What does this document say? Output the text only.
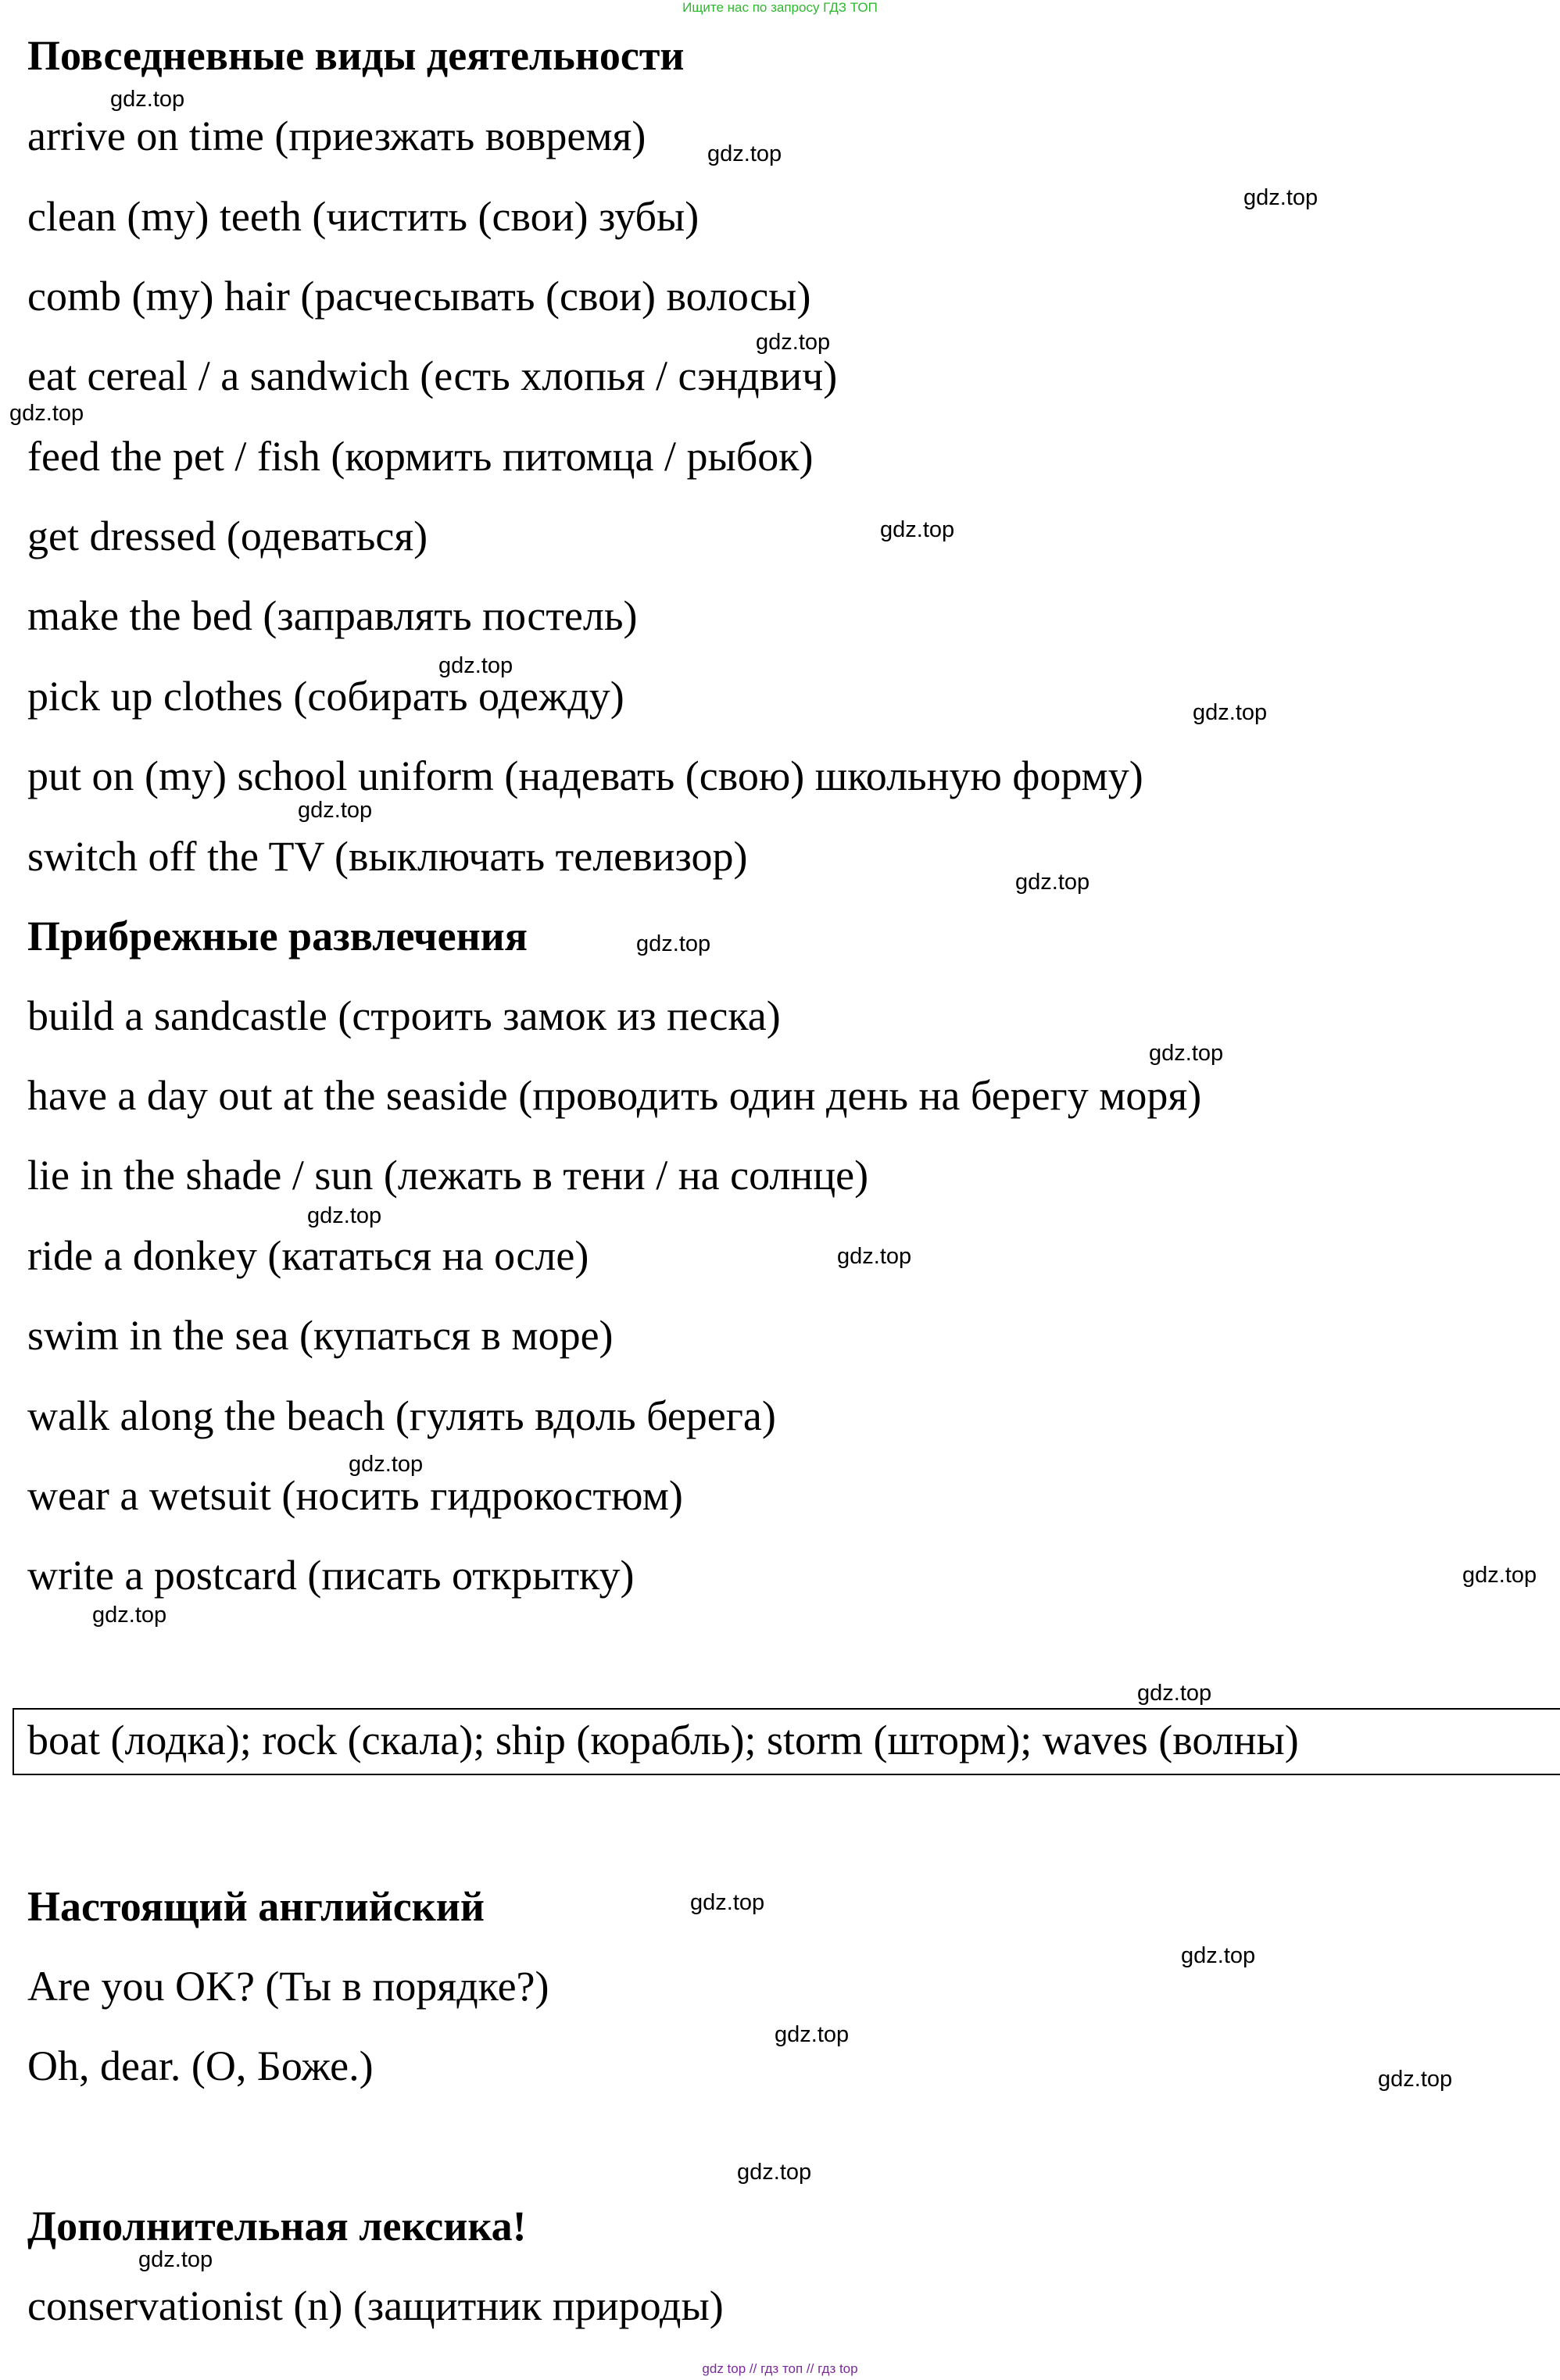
Ищите нас по запросу ГДЗ ТОП
Повседневные виды деятельности
arrive on time (приезжать вовремя)
clean (my) teeth (чистить (свои) зубы)
comb (my) hair (расчесывать (свои) волосы)
eat cereal / a sandwich (есть хлопья / сэндвич)
feed the pet / fish (кормить питомца / рыбок)
get dressed (одеваться)
make the bed (заправлять постель)
pick up clothes (собирать одежду)
put on (my) school uniform (надевать (свою) школьную форму)
switch off the TV (выключать телевизор)
Прибрежные развлечения
build a sandcastle (строить замок из песка)
have a day out at the seaside (проводить один день на берегу моря)
lie in the shade / sun (лежать в тени / на солнце)
ride a donkey (кататься на осле)
swim in the sea (купаться в море)
walk along the beach (гулять вдоль берега)
wear a wetsuit (носить гидрокостюм)
write a postcard (писать открытку)
boat (лодка); rock (скала); ship (корабль); storm (шторм); waves (волны)
Настоящий английский
Are you OK? (Ты в порядке?)
Oh, dear. (О, Боже.)
Дополнительная лексика!
conservationist (n) (защитник природы)
gdz.top
gdz.top
gdz.top
gdz.top
gdz.top
gdz.top
gdz.top
gdz.top
gdz.top
gdz.top
gdz.top
gdz.top
gdz.top
gdz.top
gdz.top
gdz.top
gdz.top
gdz.top
gdz.top
gdz.top
gdz.top
gdz.top
gdz.top
gdz.top
gdz top // гдз топ // гдз top
